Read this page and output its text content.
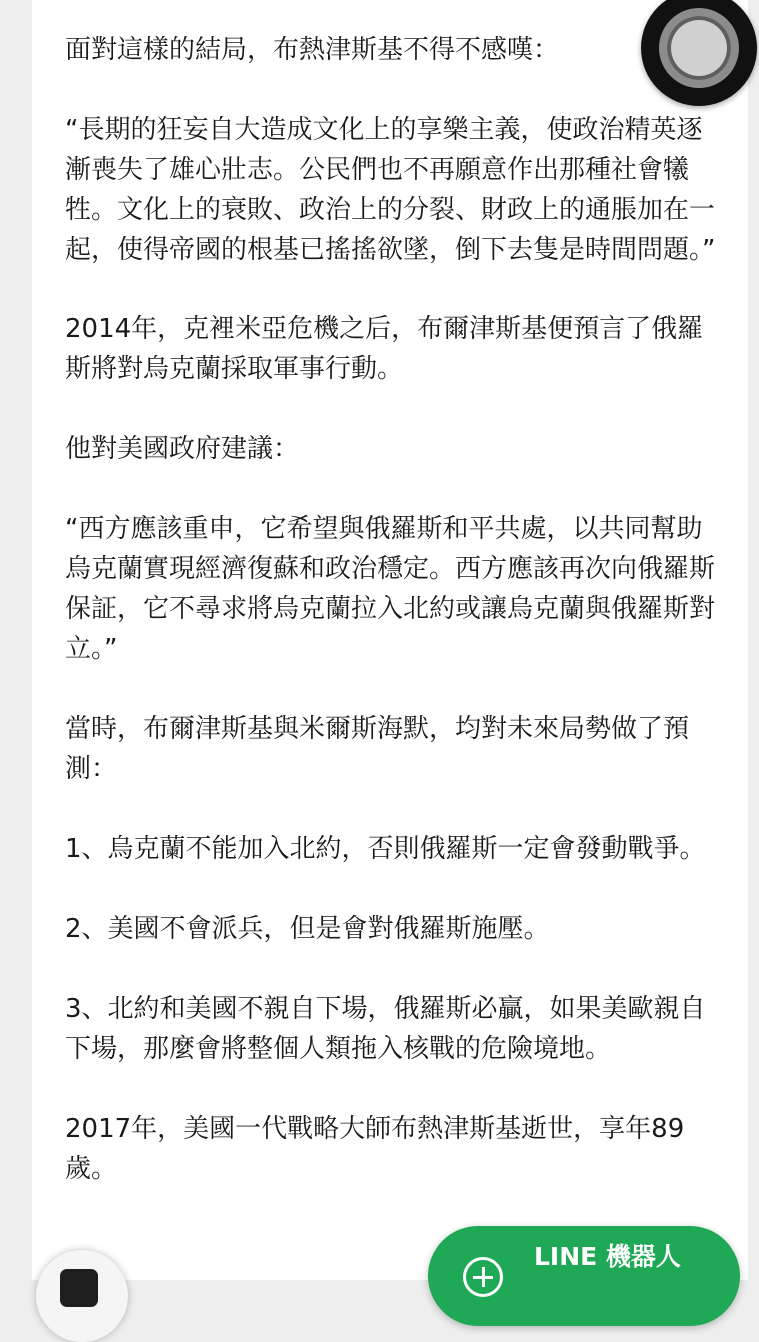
面對這樣的結局，布熱津斯基不得不感嘆：

“長期的狂妄自大造成文化上的享樂主義，使政治精英逐漸喪失了雄心壯志。公民們也不再願意作出那種社會犧牲。文化上的衰敗、政治上的分裂、財政上的通脹加在一起，使得帝國的根基已搖搖欲墜，倒下去隻是時間問題。”

2014年，克裡米亞危機之后，布爾津斯基便預言了俄羅斯將對烏克蘭採取軍事行動。

他對美國政府建議：

“西方應該重申，它希望與俄羅斯和平共處，以共同幫助烏克蘭實現經濟復蘇和政治穩定。西方應該再次向俄羅斯保証，它不尋求將烏克蘭拉入北約或讓烏克蘭與俄羅斯對立。”

當時，布爾津斯基與米爾斯海默，均對未來局勢做了預測：

1、烏克蘭不能加入北約，否則俄羅斯一定會發動戰爭。

2、美國不會派兵，但是會對俄羅斯施壓。

3、北約和美國不親自下場，俄羅斯必贏，如果美歐親自下場，那麼會將整個人類拖入核戰的危險境地。

2017年，美國一代戰略大師布熱津斯基逝世，享年89歲。

LINE 機器人
